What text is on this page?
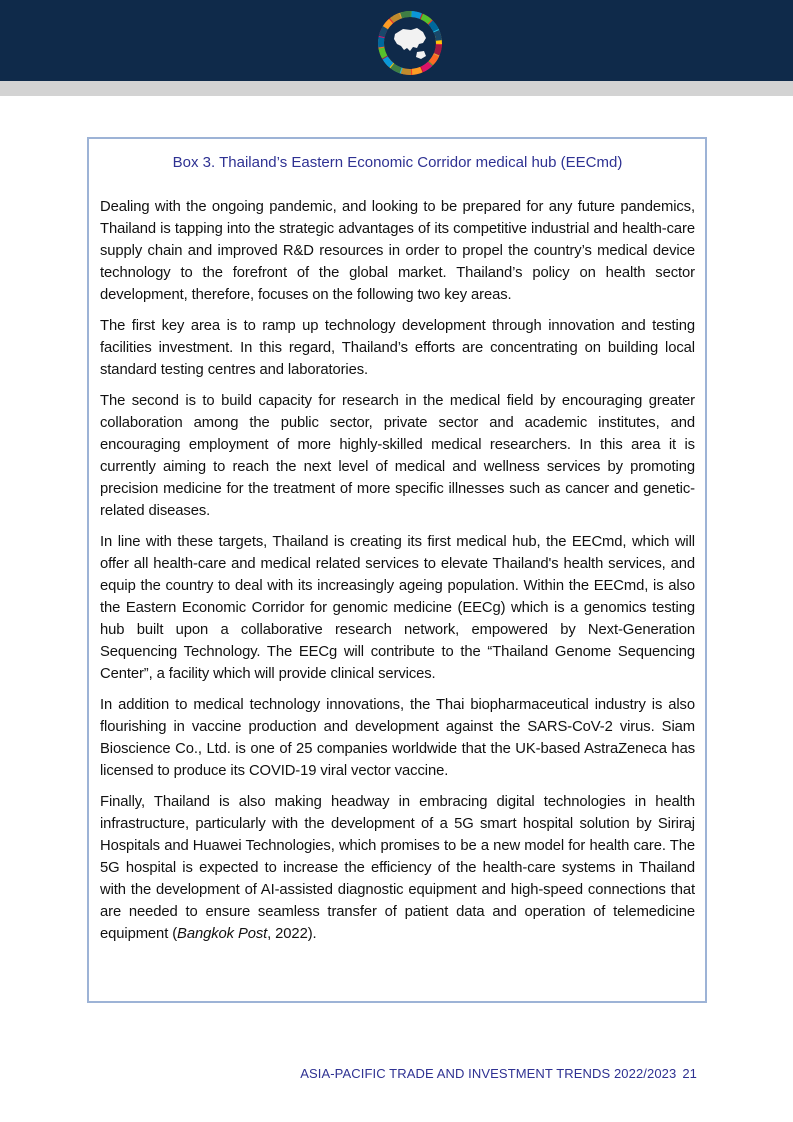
Box 3. Thailand’s Eastern Economic Corridor medical hub (EECmd)

Dealing with the ongoing pandemic, and looking to be prepared for any future pandemics, Thailand is tapping into the strategic advantages of its competitive industrial and health-care supply chain and improved R&D resources in order to propel the country’s medical device technology to the forefront of the global market. Thailand’s policy on health sector development, therefore, focuses on the following two key areas.

The first key area is to ramp up technology development through innovation and testing facilities investment. In this regard, Thailand’s efforts are concentrating on building local standard testing centres and laboratories.

The second is to build capacity for research in the medical field by encouraging greater collaboration among the public sector, private sector and academic institutes, and encouraging employment of more highly-skilled medical researchers. In this area it is currently aiming to reach the next level of medical and wellness services by promoting precision medicine for the treatment of more specific illnesses such as cancer and genetic-related diseases.

In line with these targets, Thailand is creating its first medical hub, the EECmd, which will offer all health-care and medical related services to elevate Thailand's health services, and equip the country to deal with its increasingly ageing population. Within the EECmd, is also the Eastern Economic Corridor for genomic medicine (EECg) which is a genomics testing hub built upon a collaborative research network, empowered by Next-Generation Sequencing Technology. The EECg will contribute to the “Thailand Genome Sequencing Center”, a facility which will provide clinical services.

In addition to medical technology innovations, the Thai biopharmaceutical industry is also flourishing in vaccine production and development against the SARS-CoV-2 virus. Siam Bioscience Co., Ltd. is one of 25 companies worldwide that the UK-based AstraZeneca has licensed to produce its COVID-19 viral vector vaccine.

Finally, Thailand is also making headway in embracing digital technologies in health infrastructure, particularly with the development of a 5G smart hospital solution by Siriraj Hospitals and Huawei Technologies, which promises to be a new model for health care. The 5G hospital is expected to increase the efficiency of the health-care systems in Thailand with the development of AI-assisted diagnostic equipment and high-speed connections that are needed to ensure seamless transfer of patient data and operation of telemedicine equipment (Bangkok Post, 2022).

ASIA-PACIFIC TRADE AND INVESTMENT TRENDS 2022/2023 21
